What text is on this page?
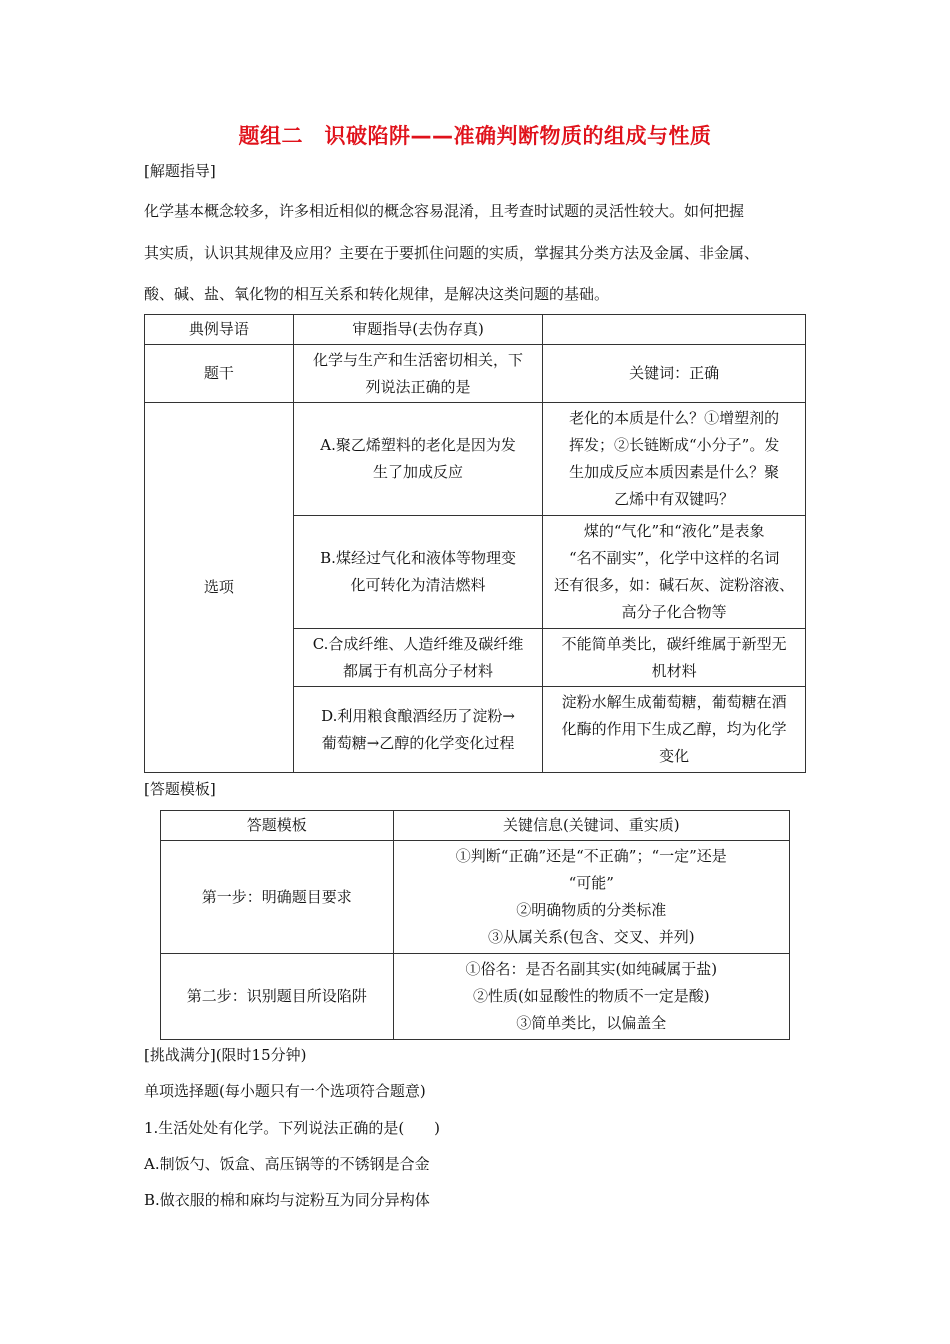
题组二　识破陷阱——准确判断物质的组成与性质
[解题指导]
化学基本概念较多，许多相近相似的概念容易混淆，且考查时试题的灵活性较大。如何把握
其实质，认识其规律及应用？主要在于要抓住问题的实质，掌握其分类方法及金属、非金属、
酸、碱、盐、氧化物的相互关系和转化规律，是解决这类问题的基础。
典例导语	审题指导(去伪存真)	
题干	化学与生产和生活密切相关，下
列说法正确的是	关键词：正确
选项	A.聚乙烯塑料的老化是因为发
生了加成反应	老化的本质是什么？①增塑剂的
挥发；②长链断成“小分子”。发
生加成反应本质因素是什么？聚
乙烯中有双键吗？

	B.煤经过气化和液体等物理变
化可转化为清洁燃料	煤的“气化”和“液化”是表象
“名不副实”，化学中这样的名词
还有很多，如：碱石灰、淀粉溶液、
高分子化合物等

	C.合成纤维、人造纤维及碳纤维
都属于有机高分子材料	不能简单类比，碳纤维属于新型无
机材料

	D.利用粮食酿酒经历了淀粉→
葡萄糖→乙醇的化学变化过程	淀粉水解生成葡萄糖，葡萄糖在酒
化酶的作用下生成乙醇，均为化学
变化
[答题模板]
答题模板	关键信息(关键词、重实质)
第一步：明确题目要求	①判断“正确”还是“不正确”；“一定”还是
“可能”
②明确物质的分类标准
③从属关系(包含、交叉、并列)

第二步：识别题目所设陷阱	①俗名：是否名副其实(如纯碱属于盐)
②性质(如显酸性的物质不一定是酸)
③简单类比，以偏盖全
[挑战满分](限时15分钟)
单项选择题(每小题只有一个选项符合题意)
1.生活处处有化学。下列说法正确的是(　　)
A.制饭勺、饭盒、高压锅等的不锈钢是合金
B.做衣服的棉和麻均与淀粉互为同分异构体
